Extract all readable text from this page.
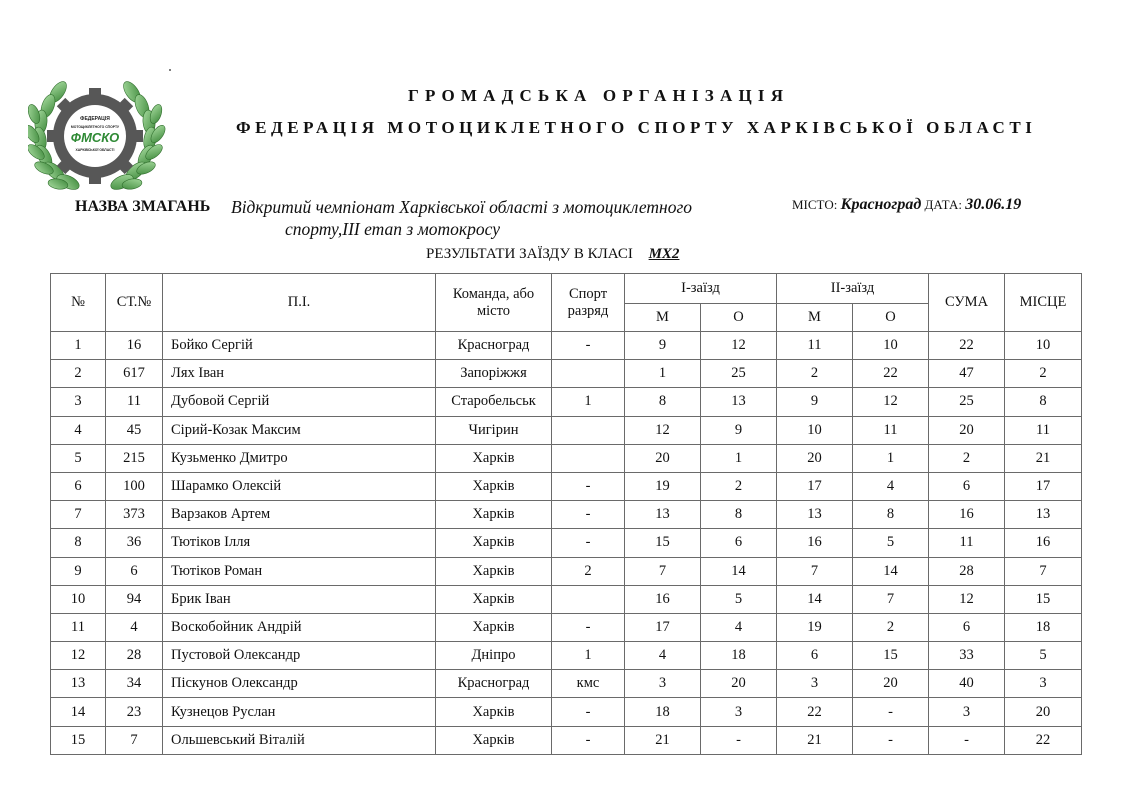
ФЕДЕРАЦІЯ
МОТОЦИКЛЕТНОГО СПОРТУ
ФМСКО
ХАРКІВСЬКОЇ ОБЛАСТІ
ГРОМАДСЬКА ОРГАНІЗАЦІЯ
ФЕДЕРАЦІЯ МОТОЦИКЛЕТНОГО СПОРТУ ХАРКІВСЬКОЇ ОБЛАСТІ
НАЗВА ЗМАГАНЬ Відкритий чемпіонат Харківської області з мотоциклетного
спорту,ІІІ етап з мотокросу
МІСТО: Красноград ДАТА: 30.06.19
РЕЗУЛЬТАТИ ЗАЇЗДУ В КЛАСІ MX2
№	СТ.№	П.І.	Команда, або місто	Спорт разряд	І-заїзд		ІІ-заїзд		СУМА	МІСЦЕ
					М	О	М	О		
1	16	Бойко Сергій	Красноград	-	9	12	11	10	22	10
2	617	Лях Іван	Запоріжжя		1	25	2	22	47	2
3	11	Дубовой Сергій	Старобельськ	1	8	13	9	12	25	8
4	45	Сірий-Козак Максим	Чигірин		12	9	10	11	20	11
5	215	Кузьменко Дмитро	Харків		20	1	20	1	2	21
6	100	Шарамко Олексій	Харків	-	19	2	17	4	6	17
7	373	Варзаков Артем	Харків	-	13	8	13	8	16	13
8	36	Тютіков Ілля	Харків	-	15	6	16	5	11	16
9	6	Тютіков Роман	Харків	2	7	14	7	14	28	7
10	94	Брик Іван	Харків		16	5	14	7	12	15
11	4	Воскобойник Андрій	Харків	-	17	4	19	2	6	18
12	28	Пустовой Олександр	Дніпро	1	4	18	6	15	33	5
13	34	Піскунов Олександр	Красноград	кмс	3	20	3	20	40	3
14	23	Кузнецов Руслан	Харків	-	18	3	22	-	3	20
15	7	Ольшевський Віталій	Харків	-	21	-	21	-	-	22
